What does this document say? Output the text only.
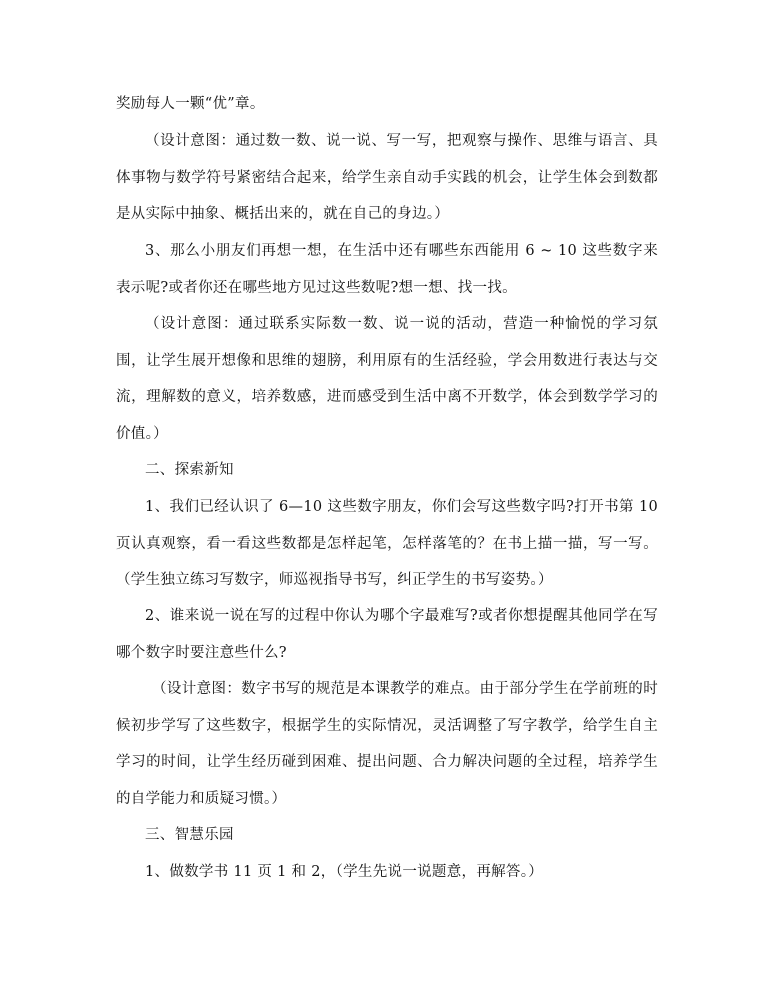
奖励每人一颗“优”章。

（设计意图：通过数一数、说一说、写一写，把观察与操作、思维与语言、具体事物与数学符号紧密结合起来，给学生亲自动手实践的机会，让学生体会到数都是从实际中抽象、概括出来的，就在自己的身边。）

3、那么小朋友们再想一想，在生活中还有哪些东西能用 6 ~ 10 这些数字来表示呢?或者你还在哪些地方见过这些数呢?想一想、找一找。

（设计意图：通过联系实际数一数、说一说的活动，营造一种愉悦的学习氛围，让学生展开想像和思维的翅膀，利用原有的生活经验，学会用数进行表达与交流，理解数的意义，培养数感，进而感受到生活中离不开数学，体会到数学学习的价值。）

二、探索新知

1、我们已经认识了 6—10 这些数字朋友，你们会写这些数字吗?打开书第 10 页认真观察，看一看这些数都是怎样起笔，怎样落笔的？在书上描一描，写一写。（学生独立练习写数字，师巡视指导书写，纠正学生的书写姿势。）

2、谁来说一说在写的过程中你认为哪个字最难写?或者你想提醒其他同学在写哪个数字时要注意些什么?

（设计意图：数字书写的规范是本课教学的难点。由于部分学生在学前班的时候初步学写了这些数字，根据学生的实际情况，灵活调整了写字教学，给学生自主学习的时间，让学生经历碰到困难、提出问题、合力解决问题的全过程，培养学生的自学能力和质疑习惯。）

三、智慧乐园

1、做数学书 11 页 1 和 2，（学生先说一说题意，再解答。）
